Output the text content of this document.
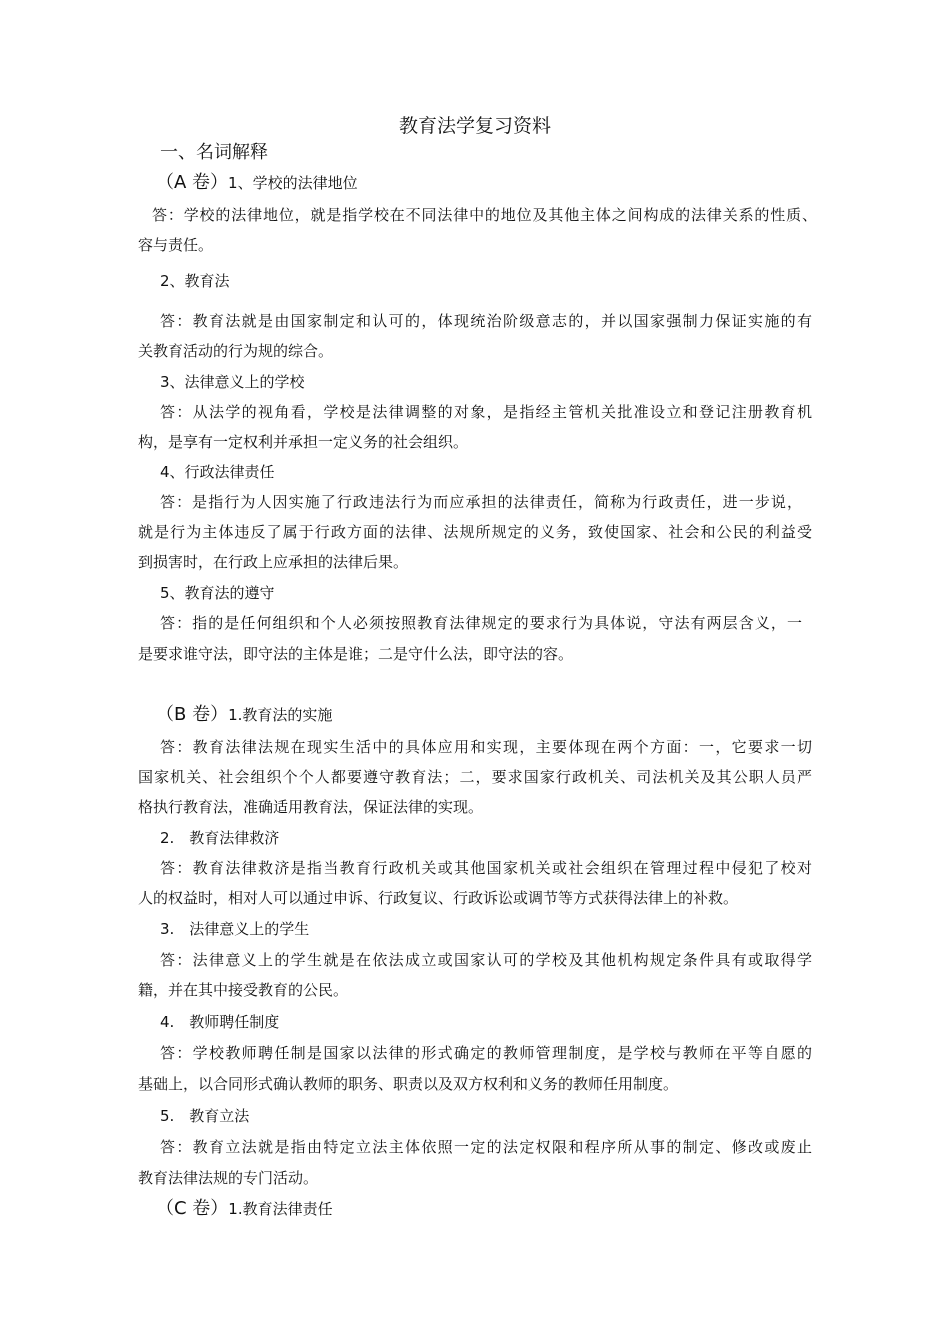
教育法学复习资料
一、名词解释
（A 卷）1、学校的法律地位
答：学校的法律地位，就是指学校在不同法律中的地位及其他主体之间构成的法律关系的性质、
容与责任。
2、教育法
答：教育法就是由国家制定和认可的，体现统治阶级意志的，并以国家强制力保证实施的有
关教育活动的行为规的综合。
3、法律意义上的学校
答：从法学的视角看，学校是法律调整的对象，是指经主管机关批准设立和登记注册教育机
构，是享有一定权利并承担一定义务的社会组织。
4、行政法律责任
答：是指行为人因实施了行政违法行为而应承担的法律责任，简称为行政责任，进一步说，
就是行为主体违反了属于行政方面的法律、法规所规定的义务，致使国家、社会和公民的利益受
到损害时，在行政上应承担的法律后果。
5、教育法的遵守
答：指的是任何组织和个人必须按照教育法律规定的要求行为具体说，守法有两层含义，一
是要求谁守法，即守法的主体是谁；二是守什么法，即守法的容。
（B 卷）1.教育法的实施
答：教育法律法规在现实生活中的具体应用和实现，主要体现在两个方面：一，它要求一切
国家机关、社会组织个个人都要遵守教育法；二，要求国家行政机关、司法机关及其公职人员严
格执行教育法，准确适用教育法，保证法律的实现。
2.　教育法律救济
答：教育法律救济是指当教育行政机关或其他国家机关或社会组织在管理过程中侵犯了校对
人的权益时，相对人可以通过申诉、行政复议、行政诉讼或调节等方式获得法律上的补救。
3.　法律意义上的学生
答：法律意义上的学生就是在依法成立或国家认可的学校及其他机构规定条件具有或取得学
籍，并在其中接受教育的公民。
4.　教师聘任制度
答：学校教师聘任制是国家以法律的形式确定的教师管理制度，是学校与教师在平等自愿的
基础上，以合同形式确认教师的职务、职责以及双方权利和义务的教师任用制度。
5.　教育立法
答：教育立法就是指由特定立法主体依照一定的法定权限和程序所从事的制定、修改或废止
教育法律法规的专门活动。
（C 卷）1.教育法律责任
